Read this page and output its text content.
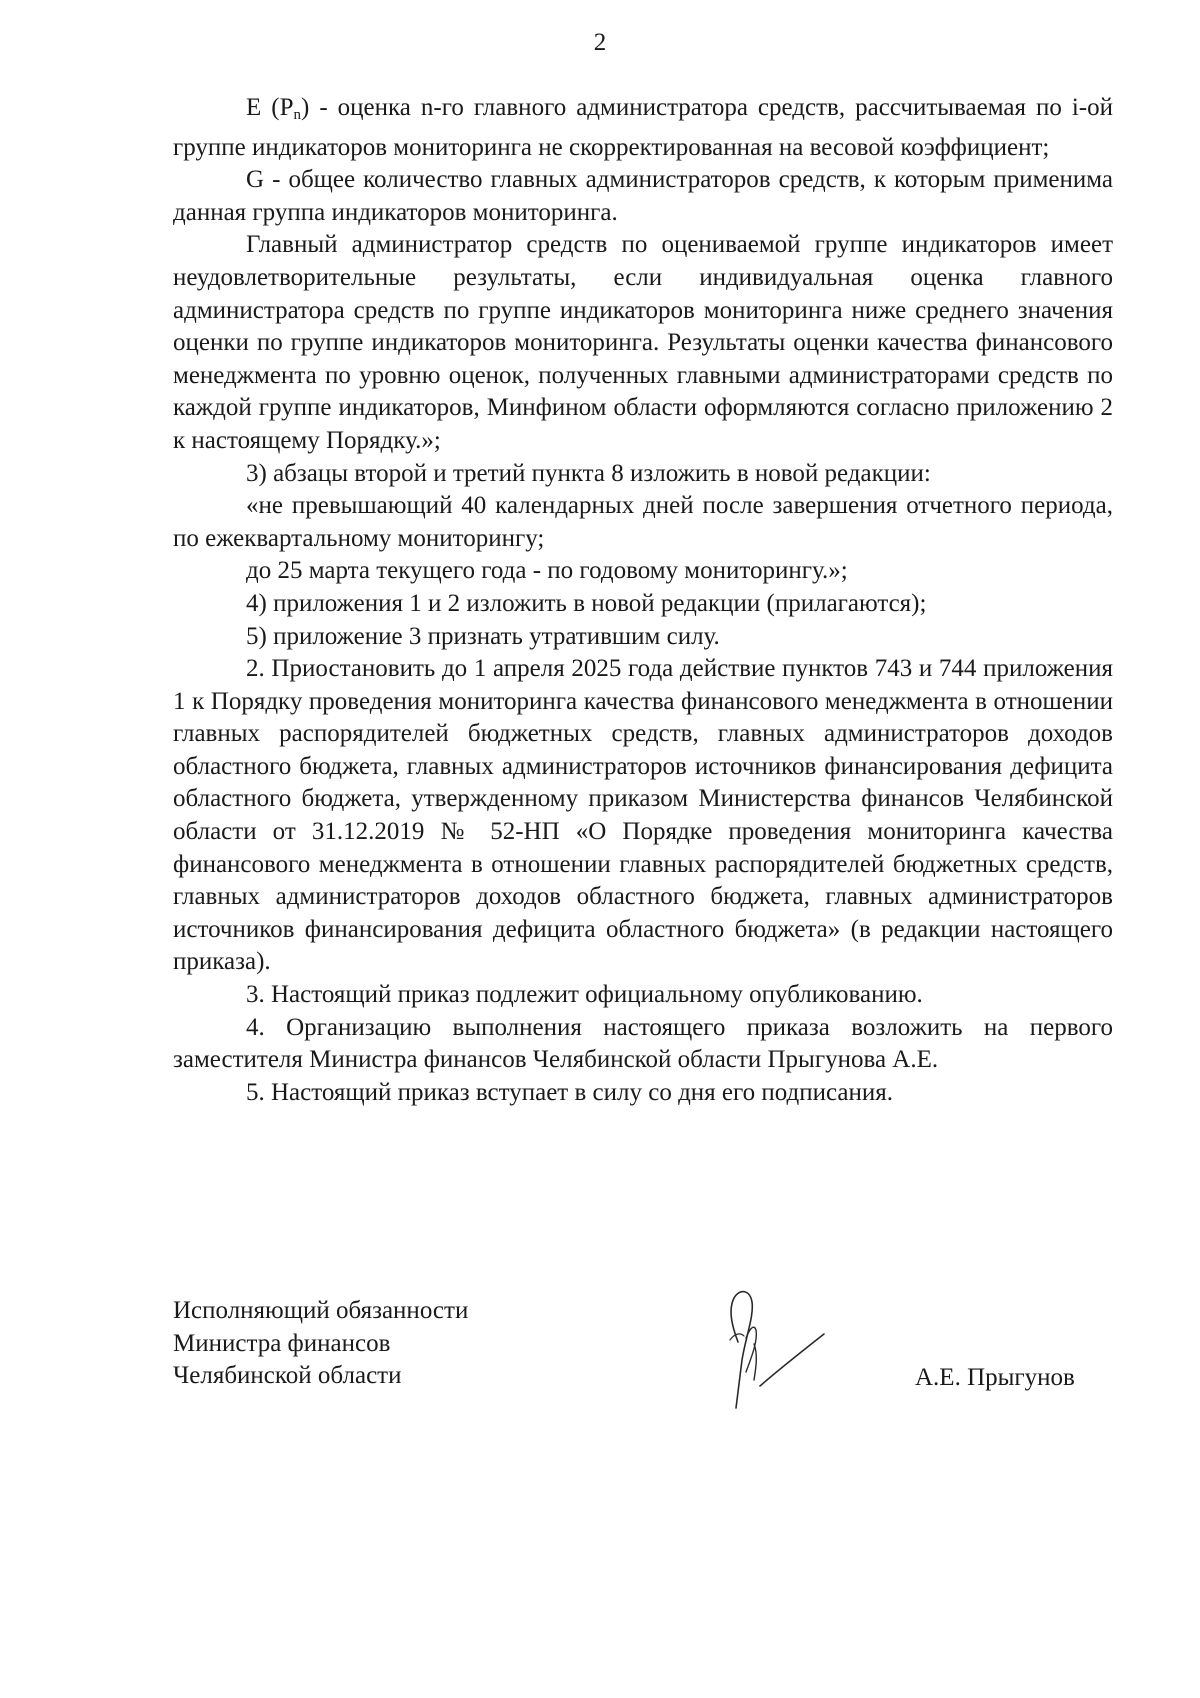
2

E $(P_n)$ - оценка n-го главного администратора средств, рассчитываемая по i-ой группе индикаторов мониторинга не скорректированная на весовой коэффициент;

G - общее количество главных администраторов средств, к которым применима данная группа индикаторов мониторинга.

Главный администратор средств по оцениваемой группе индикаторов имеет неудовлетворительные результаты, если индивидуальная оценка главного администратора средств по группе индикаторов мониторинга ниже среднего значения оценки по группе индикаторов мониторинга. Результаты оценки качества финансового менеджмента по уровню оценок, полученных главными администраторами средств по каждой группе индикаторов, Минфином области оформляются согласно приложению 2 к настоящему Порядку.»;

3) абзацы второй и третий пункта 8 изложить в новой редакции:

«не превышающий 40 календарных дней после завершения отчетного периода, по ежеквартальному мониторингу;

до 25 марта текущего года - по годовому мониторингу.»;

4) приложения 1 и 2 изложить в новой редакции (прилагаются);

5) приложение 3 признать утратившим силу.

2. Приостановить до 1 апреля 2025 года действие пунктов 743 и 744 приложения 1 к Порядку проведения мониторинга качества финансового менеджмента в отношении главных распорядителей бюджетных средств, главных администраторов доходов областного бюджета, главных администраторов источников финансирования дефицита областного бюджета, утвержденному приказом Министерства финансов Челябинской области от 31.12.2019 № 52-НП «О Порядке проведения мониторинга качества финансового менеджмента в отношении главных распорядителей бюджетных средств, главных администраторов доходов областного бюджета, главных администраторов источников финансирования дефицита областного бюджета» (в редакции настоящего приказа).

3. Настоящий приказ подлежит официальному опубликованию.

4. Организацию выполнения настоящего приказа возложить на первого заместителя Министра финансов Челябинской области Прыгунова А.Е.

5. Настоящий приказ вступает в силу со дня его подписания.

Исполняющий обязанности
Министра финансов
Челябинской области	А.Е. Прыгунов
